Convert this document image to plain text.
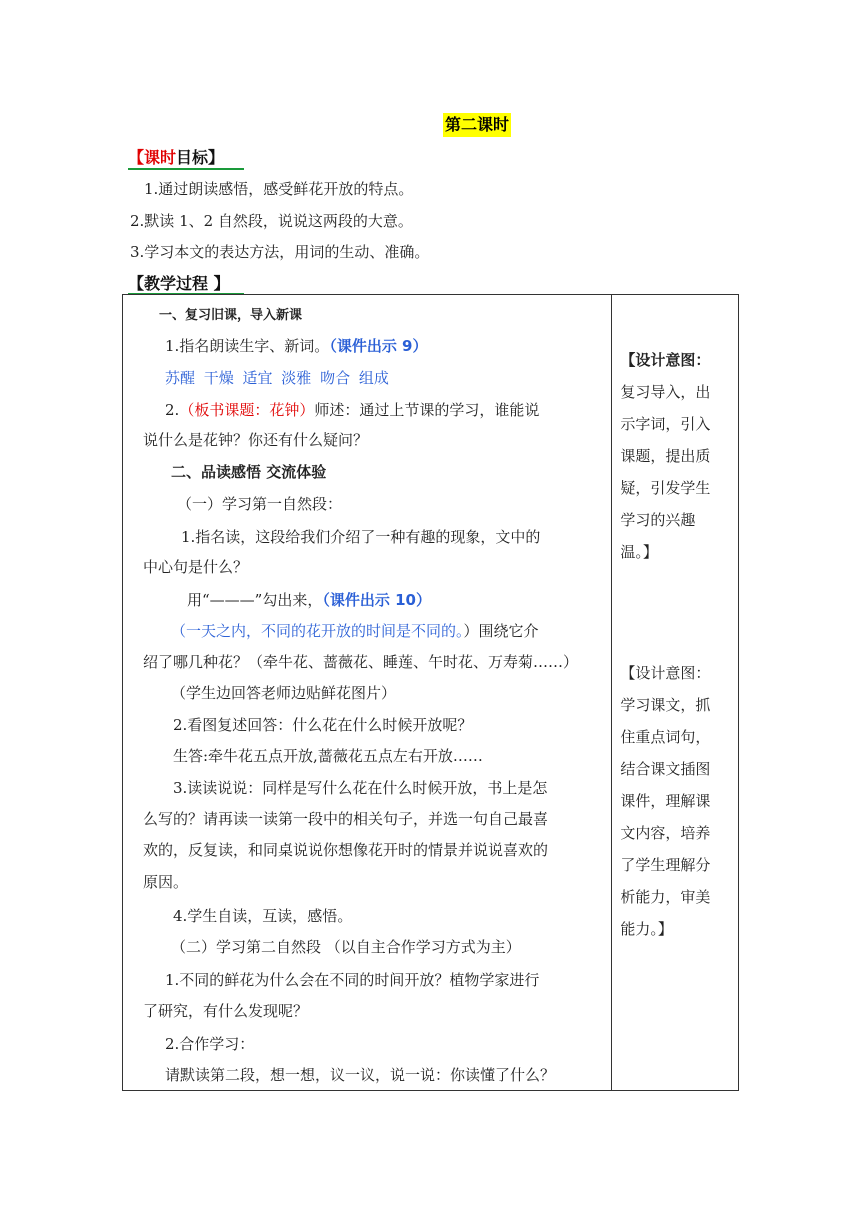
第二课时
【课时目标】
1.通过朗读感悟，感受鲜花开放的特点。
2.默读 1、2 自然段，说说这两段的大意。
3.学习本文的表达方法，用词的生动、准确。
【教学过程 】
一、复习旧课，导入新课
1.指名朗读生字、新词。（课件出示 9）
苏醒 干燥 适宜 淡雅 吻合 组成
2.（板书课题：花钟）师述：通过上节课的学习，谁能说
说什么是花钟？你还有什么疑问？
二、品读感悟 交流体验
（一）学习第一自然段：
1.指名读，这段给我们介绍了一种有趣的现象，文中的
中心句是什么？
用“———”勾出来，（课件出示 10）
（一天之内，不同的花开放的时间是不同的。）围绕它介
绍了哪几种花？（牵牛花、蔷薇花、睡莲、午时花、万寿菊……）
（学生边回答老师边贴鲜花图片）
2.看图复述回答：什么花在什么时候开放呢？
生答:牵牛花五点开放,蔷薇花五点左右开放……
3.读读说说：同样是写什么花在什么时候开放，书上是怎
么写的？请再读一读第一段中的相关句子，并选一句自己最喜
欢的，反复读，和同桌说说你想像花开时的情景并说说喜欢的
原因。
4.学生自读，互读，感悟。
（二）学习第二自然段 （以自主合作学习方式为主）
1.不同的鲜花为什么会在不同的时间开放？植物学家进行
了研究，有什么发现呢？
2.合作学习：
请默读第二段，想一想，议一议，说一说：你读懂了什么？

【设计意图：
复习导入，出
示字词，引入
课题，提出质
疑，引发学生
学习的兴趣
温。】
【设计意图：
学习课文，抓
住重点词句，
结合课文插图
课件，理解课
文内容，培养
了学生理解分
析能力，审美
能力。】
